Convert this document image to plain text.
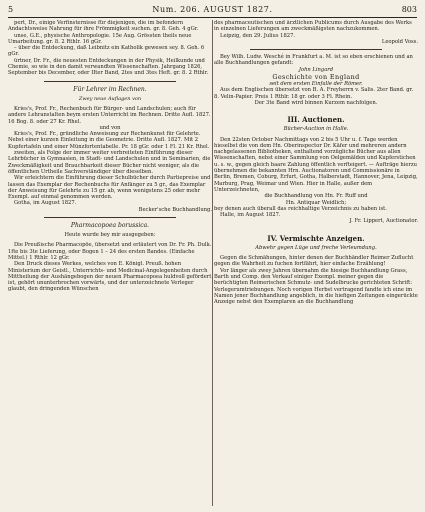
5	Num. 206. AUGUST 1827.	803

pert, Dr., einige Verfinsternisse für diejenigen, die im befondern Andachtsweise Nahrung für ihre Frömmigkeit suchen. gr. 8. Geh. 4 gGr.

unse, G.E., physische Anthropologie. 15e Aug. Grössten theils neue Umarbeitung. gr. 8. 2 Rthlr. 16 gGr.

– über die Entdeckung, daß Leibnitz ein Katholik gewesen sey. 8. Geh. 6 gGr.

ürtner, Dr. Fr., die neuesten Entdeckungen in der Physik, Heilkunde und Chemie, so wie in den damit verwandten Wissenschaften. Jahrgang 1826, September bis December, oder IIter Band, 2tes und 3tes Heft. gr. 8. 2 Rthlr.

Für Lehrer im Rechnen.

Zwey neue Auflagen von

Kries's, Prof. Fr., Rechenbuch für Bürger- und Landschulen; auch für andere Lehranstalten beym ersten Unterricht im Rechnen. Dritte Aufl. 1827. 16 Bog. 8. oder 27 Kr. Rhel.

und von

Kries's, Prof. Fr., gründliche Anweisung zur Rechenkunst für Gelehrte. Nebst einer kurzen Einleitung in die Geometrie. Dritte Aufl. 1827. Mit 2 Kupfertafeln und einer Münzfortentabelle. Pr. 18 gGr. oder 1 Fl. 21 Kr. Rhel.

zweiten, als Folge der immer weiter verbreiteten Einführung dieser Lehrbücher in Gymnasien, in Stadt- und Landschulen und in Seminarien, die Zweckmäßigkeit und Brauchbarkeit dieser Bücher nicht weniger, als die öffentlichen Urtheile Sachverständiger über dieselben.

Wir erleichtern die Einführung dieser Schulbücher durch Partiepreise und lassen das Exemplar der Rechenbuchs für Anfänger zu 5 gr., das Exemplar der Anweisung für Gelehrte zu 15 gr. ab, wenn wenigstens 25 oder mehr Exempl. auf einmal genommen werden.

Gotha, im August 1827.

Becker'sche Buchhandlung.

Pharmacopoea borussica.

Heute wurde bey mir ausgegeben:

Die Preußische Pharmacopöe, übersetzt und erläutert von Dr. Fr. Ph. Dulk. 1fte bis 3te Lieferung, oder Bogen 1 – 24 des ersten Bandes. (Einfache Mittel.) 1 Rthlr. 12 gGr.

Den Druck dieses Werkes, welches von E. Königl. Preuß. hohen Ministerium der Geistl., Unterrichts- und Medicinal-Angelegenheiten durch Mittheilung der Aushängebogen der neuen Pharmacopoea huldvoll gefördert ist, gehört ununterbrochen vorwärts, und der unterzeichnete Verleger glaubt, den dringenden Wünschen

des pharmaceutischen und ärztlichen Publicums durch Ausgabe des Werks in einzelnen Lieferungen am zweckmäßigsten nachzukommen.

Leipzig, den 29. Julius 1827.

Leopold Voss.

Bey Wilh. Ludw. Wesché in Frankfurt a. M. ist so eben erschienen und an alle Buchhandlungen gefandt:

John Lingard

Geschichte von England

seit dem ersten Einfalle der Römer.

Aus dem Englischen übersetzt von B. A. Freyherrn v. Salis. 2ter Band. gr. 8. Velin-Papier. Preis 1 Rthlr. 18 gr. oder 3 Fl. Rhein.

Der 3te Band wird binnen Kurzem nachfolgen.

III. Auctionen.

Bücher-Auction in Halle.

Den 22sten October Nachmittags von 2 bis 5 Uhr u. f. Tage werden hieselbst die von dem Hn. Oberinspector Dr. Käfer und mehreren andern nachgelassenen Bibliotheken, enthaltend vorzügliche Bücher aus allen Wissenschaften, nebst einer Sammlung von Oelgemälden und Kupferstichen u. s. w., gegen gleich baare Zahlung öffentlich verfteigert. — Aufträge hierzu übernehmen die bekannten Hrn. Auctionatoren und Commissionäre in Berlin, Bremen, Coburg, Erfurt, Gotha, Halberstadt, Hannover, Jena, Leipzig, Marburg, Prag, Weimar und Wien. Hier in Halle, außer dem Unterzeichneten,

die Buchhandlung von Hn. Fr. Ruff und

Hn. Antiquar Weidlich;

bey denen auch überall das reichhaltige Verzeichnis zu haben ist.

Halle, im August 1827.

J. Fr. Lippert, Auctionator.

IV. Vermischte Anzeigen.

Abwehr gegen Lüge und freche Verleumdung.

Gegen die Schmähungen, hinter denen der Buchhändler Reimer Zuflucht gegen die Wahrheit zu fuchen fortfährt, hier einfache Erzählung!

Vor länger als zwey Jahren übernahm die hiesige Buchhandlung Grass, Barth und Comp. den Verkauf einiger Exempl. meiner gegen die berüchtigten Reimerischen Schmutz- und Sudelbrucke gerichteten Schrift: Verlegerumtriebungen. Noch vorigen Herbst vertragend fandte ich eine im Namen jener Buchhandlung angeblich, in die hiefigen Zeitungen eingerückte Anzeige nebst den Exemplaren an die Buchhandlung
